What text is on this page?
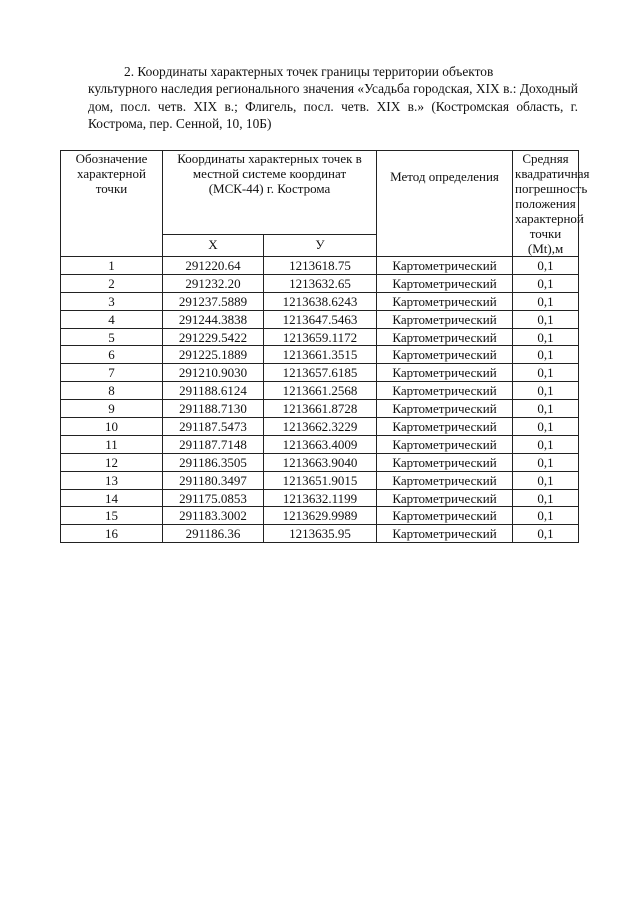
2. Координаты характерных точек границы территории объектов
культурного наследия регионального значения «Усадьба городская, XIX в.: Доходный дом, посл. четв. XIX в.; Флигель, посл. четв. XIX в.» (Костромская область, г. Кострома, пер. Сенной, 10, 10Б)
Обозначение характерной точки	Координаты характерных точек в местной системе координат (МСК-44) г. Кострома		Метод определения	Средняя квадратичная погрешность положения характерной точки (Mt),м
	Х	У		
1	291220.64	1213618.75	Картометрический	0,1
2	291232.20	1213632.65	Картометрический	0,1
3	291237.5889	1213638.6243	Картометрический	0,1
4	291244.3838	1213647.5463	Картометрический	0,1
5	291229.5422	1213659.1172	Картометрический	0,1
6	291225.1889	1213661.3515	Картометрический	0,1
7	291210.9030	1213657.6185	Картометрический	0,1
8	291188.6124	1213661.2568	Картометрический	0,1
9	291188.7130	1213661.8728	Картометрический	0,1
10	291187.5473	1213662.3229	Картометрический	0,1
11	291187.7148	1213663.4009	Картометрический	0,1
12	291186.3505	1213663.9040	Картометрический	0,1
13	291180.3497	1213651.9015	Картометрический	0,1
14	291175.0853	1213632.1199	Картометрический	0,1
15	291183.3002	1213629.9989	Картометрический	0,1
16	291186.36	1213635.95	Картометрический	0,1
